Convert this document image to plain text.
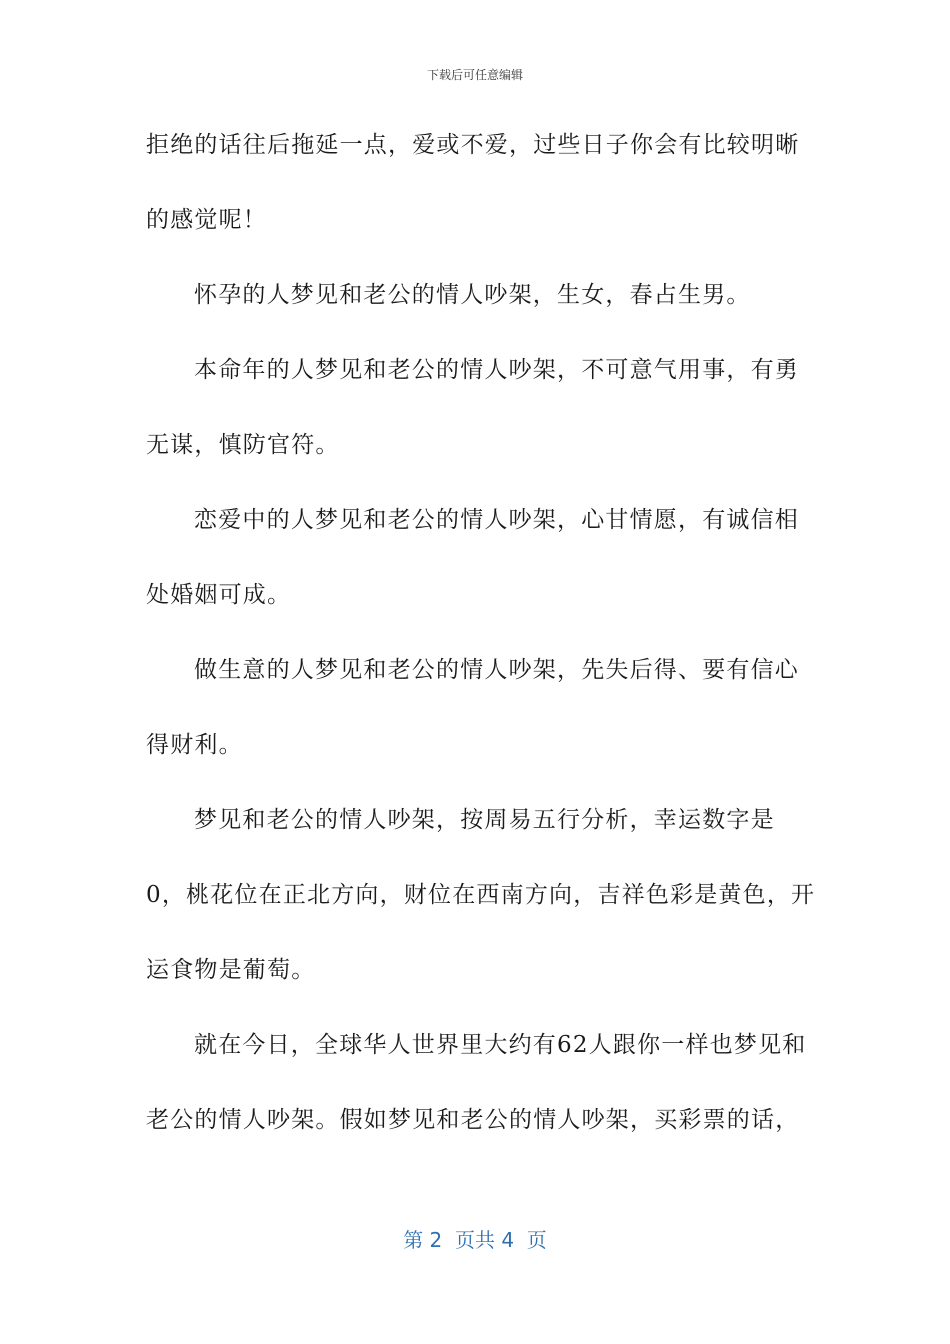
下载后可任意编辑
拒绝的话往后拖延一点，爱或不爱，过些日子你会有比较明晰
的感觉呢！
怀孕的人梦见和老公的情人吵架，生女，春占生男。
本命年的人梦见和老公的情人吵架，不可意气用事，有勇
无谋，慎防官符。
恋爱中的人梦见和老公的情人吵架，心甘情愿，有诚信相
处婚姻可成。
做生意的人梦见和老公的情人吵架，先失后得、要有信心
得财利。
梦见和老公的情人吵架，按周易五行分析，幸运数字是
0，桃花位在正北方向，财位在西南方向，吉祥色彩是黄色，开
运食物是葡萄。
就在今日，全球华人世界里大约有62人跟你一样也梦见和
老公的情人吵架。假如梦见和老公的情人吵架，买彩票的话，
第 2  页共 4  页
